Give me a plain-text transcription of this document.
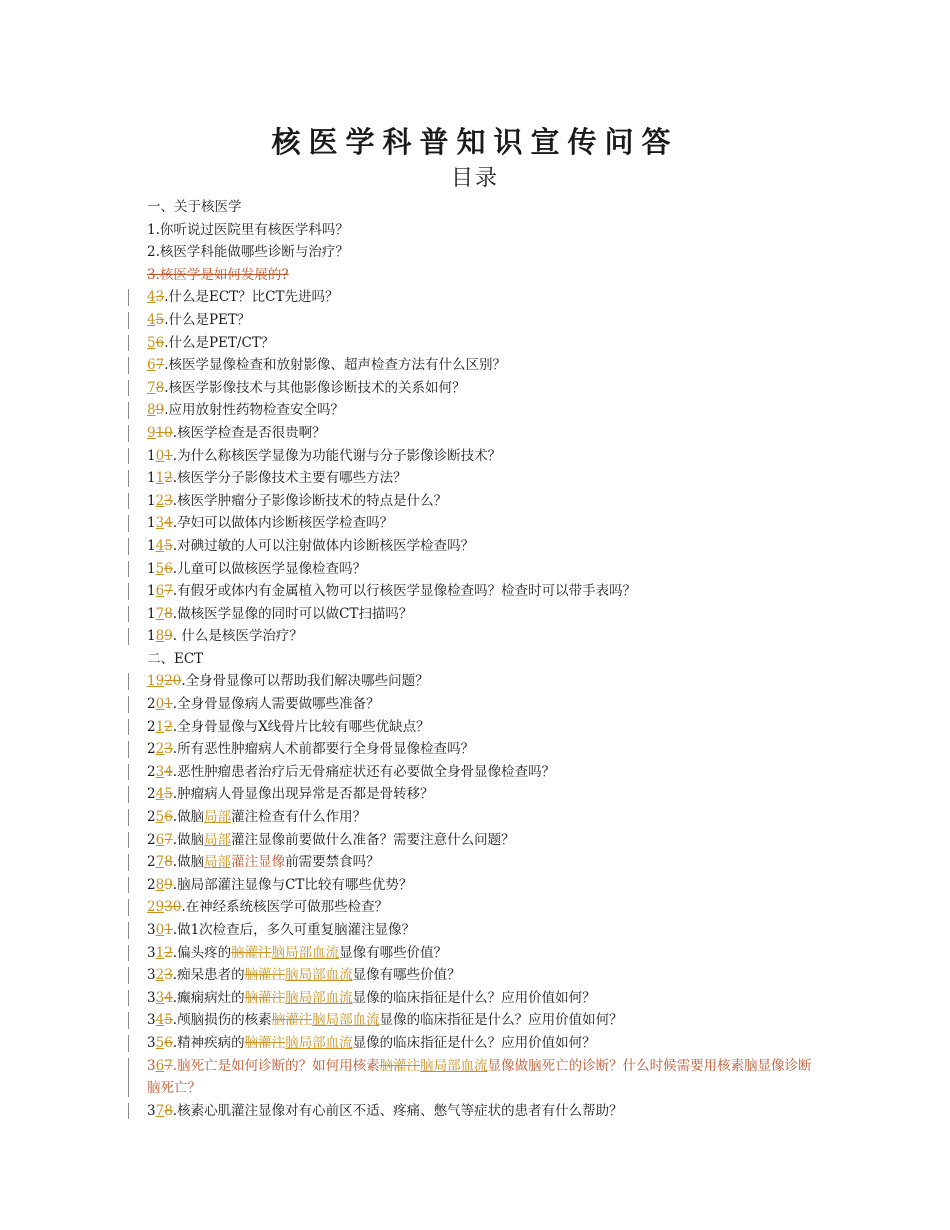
核医学科普知识宣传问答
目录
一、关于核医学
1.你听说过医院里有核医学科吗？
2.核医学科能做哪些诊断与治疗？
3.核医学是如何发展的?
43.什么是ECT？比CT先进吗？
45.什么是PET？
56.什么是PET/CT？
67.核医学显像检查和放射影像、超声检查方法有什么区别？
78.核医学影像技术与其他影像诊断技术的关系如何？
89.应用放射性药物检查安全吗？
910.核医学检查是否很贵啊？
101.为什么称核医学显像为功能代谢与分子影像诊断技术？
112.核医学分子影像技术主要有哪些方法？
123.核医学肿瘤分子影像诊断技术的特点是什么？
134.孕妇可以做体内诊断核医学检查吗？
145.对碘过敏的人可以注射做体内诊断核医学检查吗？
156.儿童可以做核医学显像检查吗？
167.有假牙或体内有金属植入物可以行核医学显像检查吗？检查时可以带手表吗？
178.做核医学显像的同时可以做CT扫描吗？
189. 什么是核医学治疗？
二、ECT
1920.全身骨显像可以帮助我们解决哪些问题？
201.全身骨显像病人需要做哪些准备？
212.全身骨显像与X线骨片比较有哪些优缺点？
223.所有恶性肿瘤病人术前都要行全身骨显像检查吗？
234.恶性肿瘤患者治疗后无骨痛症状还有必要做全身骨显像检查吗？
245.肿瘤病人骨显像出现异常是否都是骨转移？
256.做脑局部灌注检查有什么作用？
267.做脑局部灌注显像前要做什么准备？需要注意什么问题？
278.做脑局部灌注显像前需要禁食吗？
289.脑局部灌注显像与CT比较有哪些优势？
2930.在神经系统核医学可做那些检查？
301.做1次检查后，多久可重复脑灌注显像？
312.偏头疼的脑灌注脑局部血流显像有哪些价值？
323.痴呆患者的脑灌注脑局部血流显像有哪些价值？
334.癫痫病灶的脑灌注脑局部血流显像的临床指征是什么？应用价值如何？
345.颅脑损伤的核素脑灌注脑局部血流显像的临床指征是什么？应用价值如何？
356.精神疾病的脑灌注脑局部血流显像的临床指征是什么？应用价值如何？
367.脑死亡是如何诊断的？如何用核素脑灌注脑局部血流显像做脑死亡的诊断？什么时候需要用核素脑显像诊断脑死亡？
378.核素心肌灌注显像对有心前区不适、疼痛、憋气等症状的患者有什么帮助？
